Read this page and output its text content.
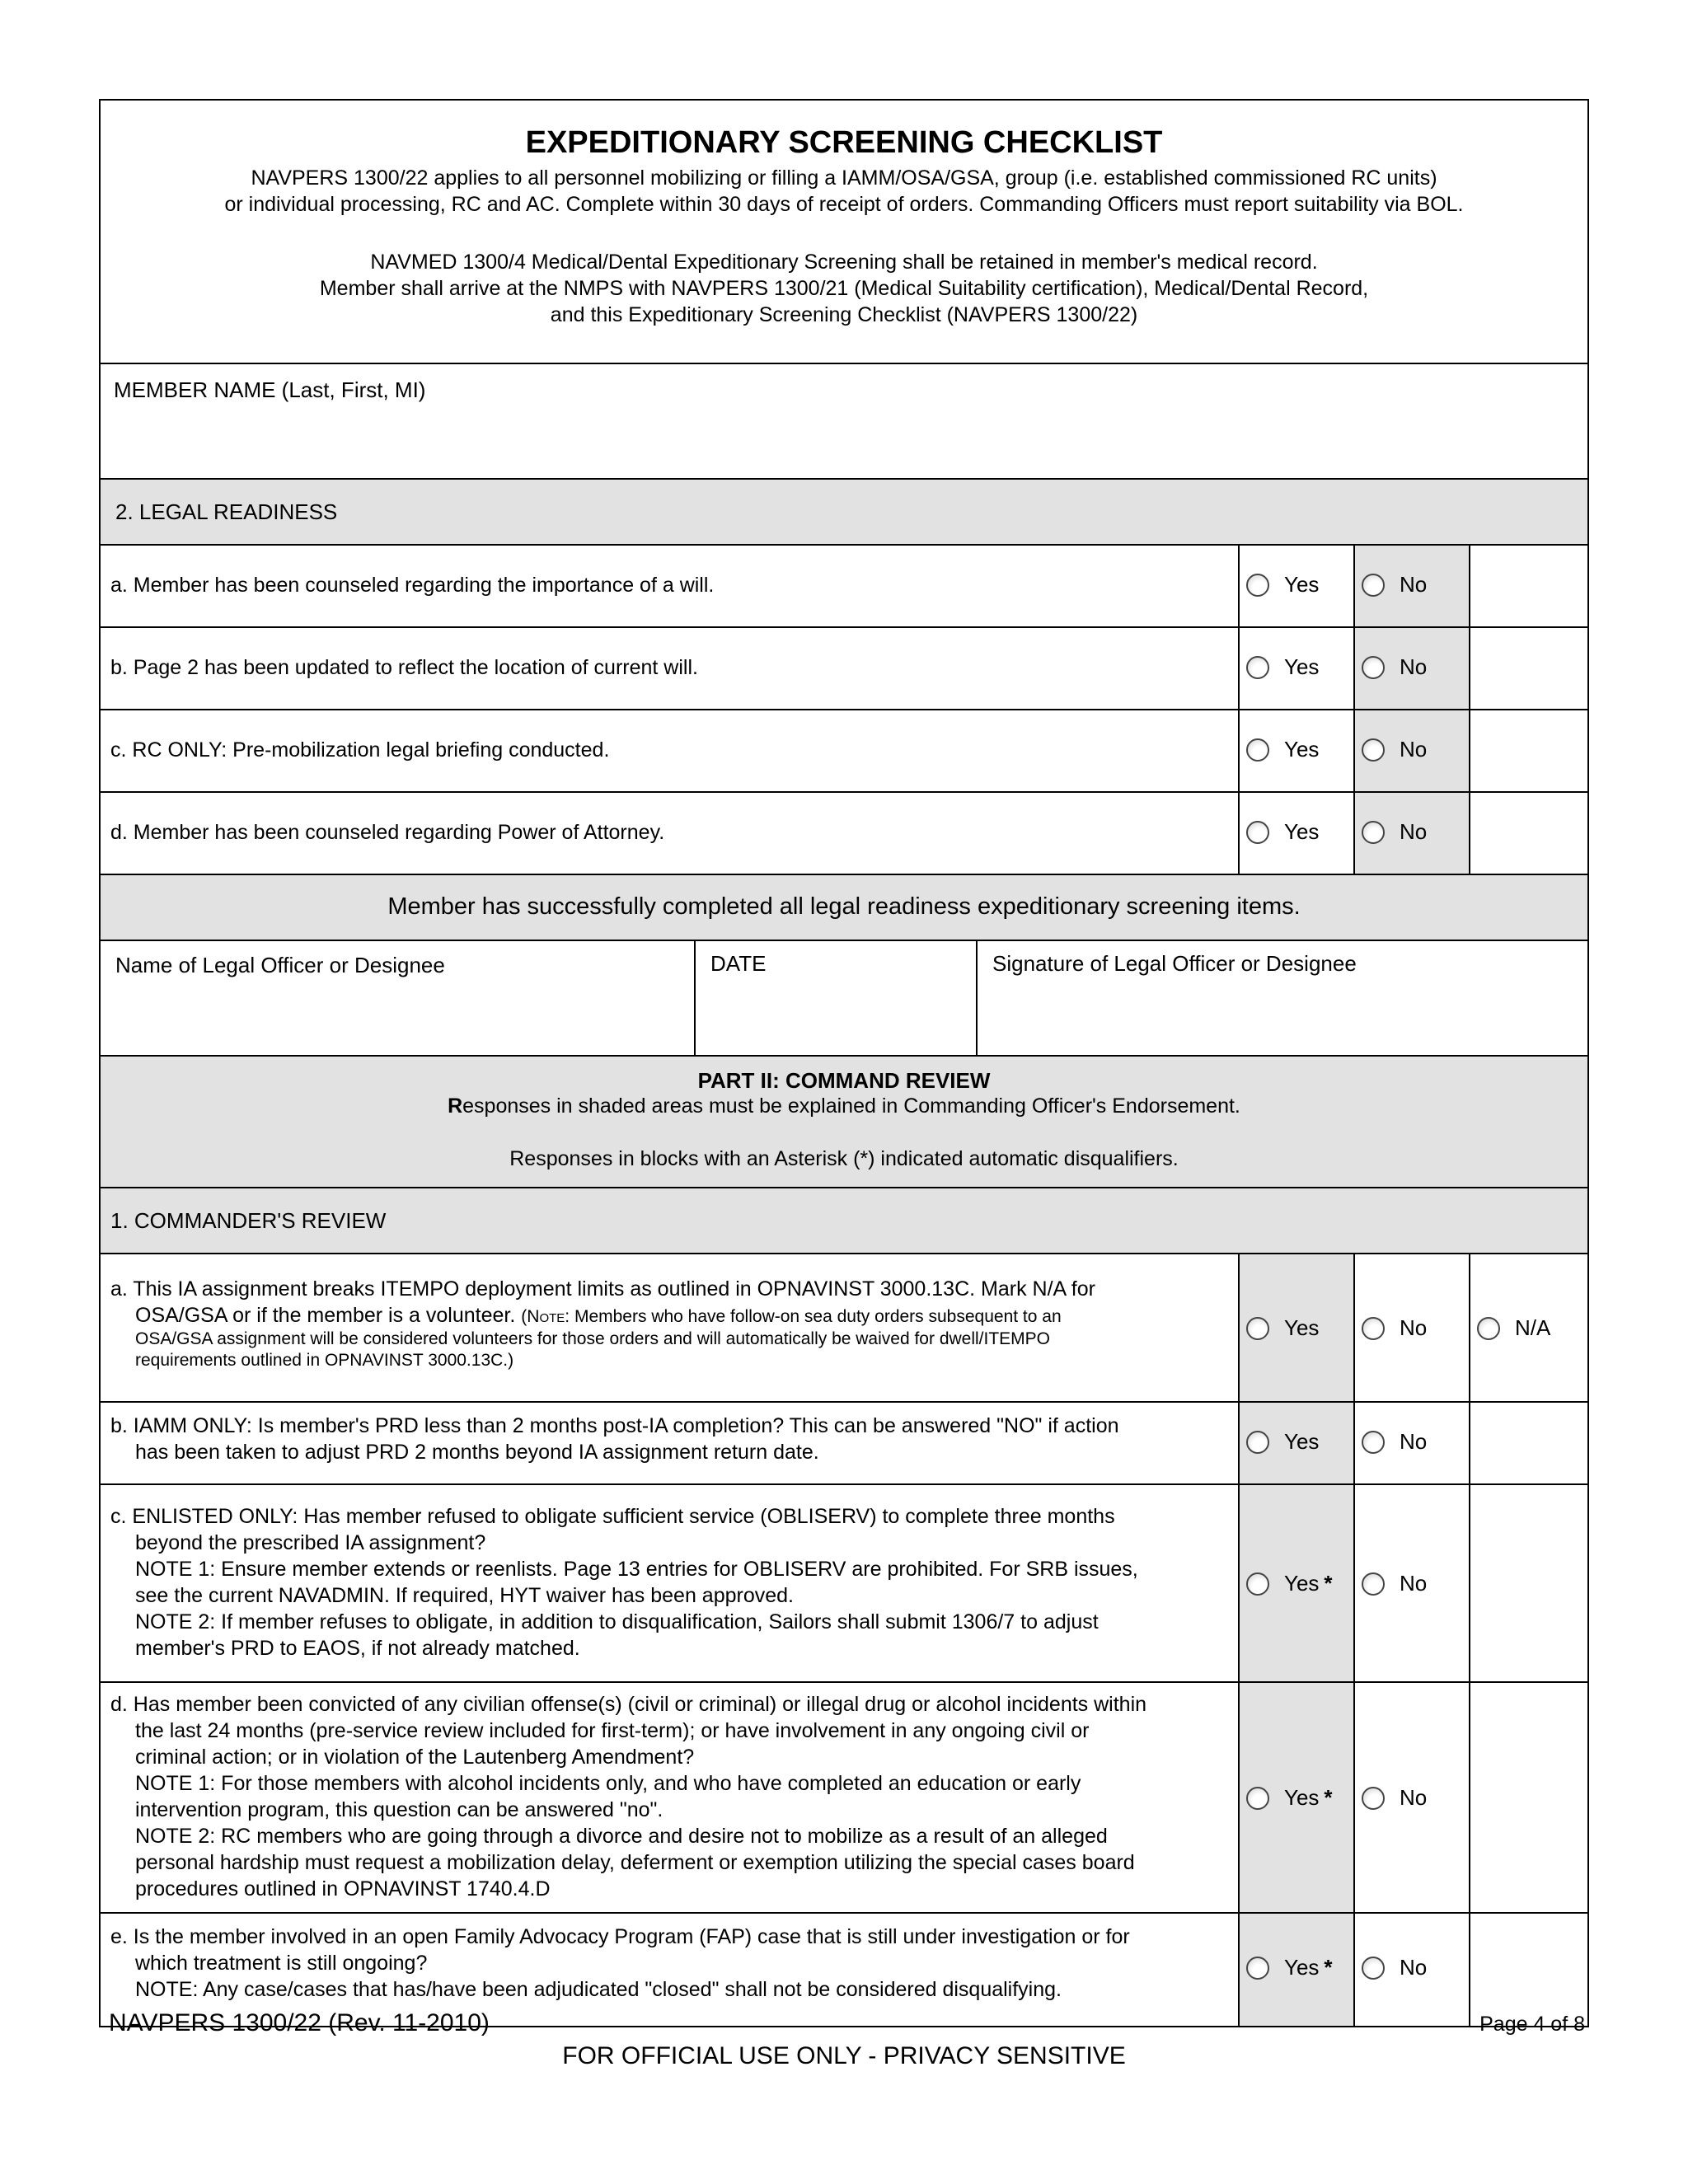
EXPEDITIONARY SCREENING CHECKLIST
NAVPERS 1300/22 applies to all personnel mobilizing or filling a IAMM/OSA/GSA, group (i.e. established commissioned RC units)
or individual processing, RC and AC. Complete within 30 days of receipt of orders. Commanding Officers must report suitability via BOL.
NAVMED 1300/4 Medical/Dental Expeditionary Screening shall be retained in member's medical record.
Member shall arrive at the NMPS with NAVPERS 1300/21 (Medical Suitability certification), Medical/Dental Record,
and this Expeditionary Screening Checklist (NAVPERS 1300/22)
MEMBER NAME (Last, First, MI)
2. LEGAL READINESS
a. Member has been counseled regarding the importance of a will.	Yes	No
b. Page 2 has been updated to reflect the location of current will.	Yes	No
c. RC ONLY: Pre-mobilization legal briefing conducted.	Yes	No
d. Member has been counseled regarding Power of Attorney.	Yes	No
Member has successfully completed all legal readiness expeditionary screening items.
Name of Legal Officer or Designee	DATE	Signature of Legal Officer or Designee
PART II: COMMAND REVIEW
Responses in shaded areas must be explained in Commanding Officer's Endorsement.
Responses in blocks with an Asterisk (*) indicated automatic disqualifiers.
1. COMMANDER'S REVIEW
a. This IA assignment breaks ITEMPO deployment limits as outlined in OPNAVINST 3000.13C. Mark N/A for
OSA/GSA or if the member is a volunteer. (Note: Members who have follow-on sea duty orders subsequent to an
OSA/GSA assignment will be considered volunteers for those orders and will automatically be waived for dwell/ITEMPO
requirements outlined in OPNAVINST 3000.13C.)
Yes	No	N/A
b. IAMM ONLY: Is member's PRD less than 2 months post-IA completion? This can be answered "NO" if action
has been taken to adjust PRD 2 months beyond IA assignment return date.	Yes	No
c. ENLISTED ONLY: Has member refused to obligate sufficient service (OBLISERV) to complete three months
beyond the prescribed IA assignment?
NOTE 1: Ensure member extends or reenlists. Page 13 entries for OBLISERV are prohibited. For SRB issues,
see the current NAVADMIN. If required, HYT waiver has been approved.
NOTE 2: If member refuses to obligate, in addition to disqualification, Sailors shall submit 1306/7 to adjust
member's PRD to EAOS, if not already matched.
Yes *	No
d. Has member been convicted of any civilian offense(s) (civil or criminal) or illegal drug or alcohol incidents within
the last 24 months (pre-service review included for first-term); or have involvement in any ongoing civil or
criminal action; or in violation of the Lautenberg Amendment?
NOTE 1: For those members with alcohol incidents only, and who have completed an education or early
intervention program, this question can be answered "no".
NOTE 2: RC members who are going through a divorce and desire not to mobilize as a result of an alleged
personal hardship must request a mobilization delay, deferment or exemption utilizing the special cases board
procedures outlined in OPNAVINST 1740.4.D
Yes *	No
e. Is the member involved in an open Family Advocacy Program (FAP) case that is still under investigation or for
which treatment is still ongoing?
NOTE: Any case/cases that has/have been adjudicated "closed" shall not be considered disqualifying.
Yes *	No
NAVPERS 1300/22 (Rev. 11-2010)	Page 4 of 8
FOR OFFICIAL USE ONLY - PRIVACY SENSITIVE
